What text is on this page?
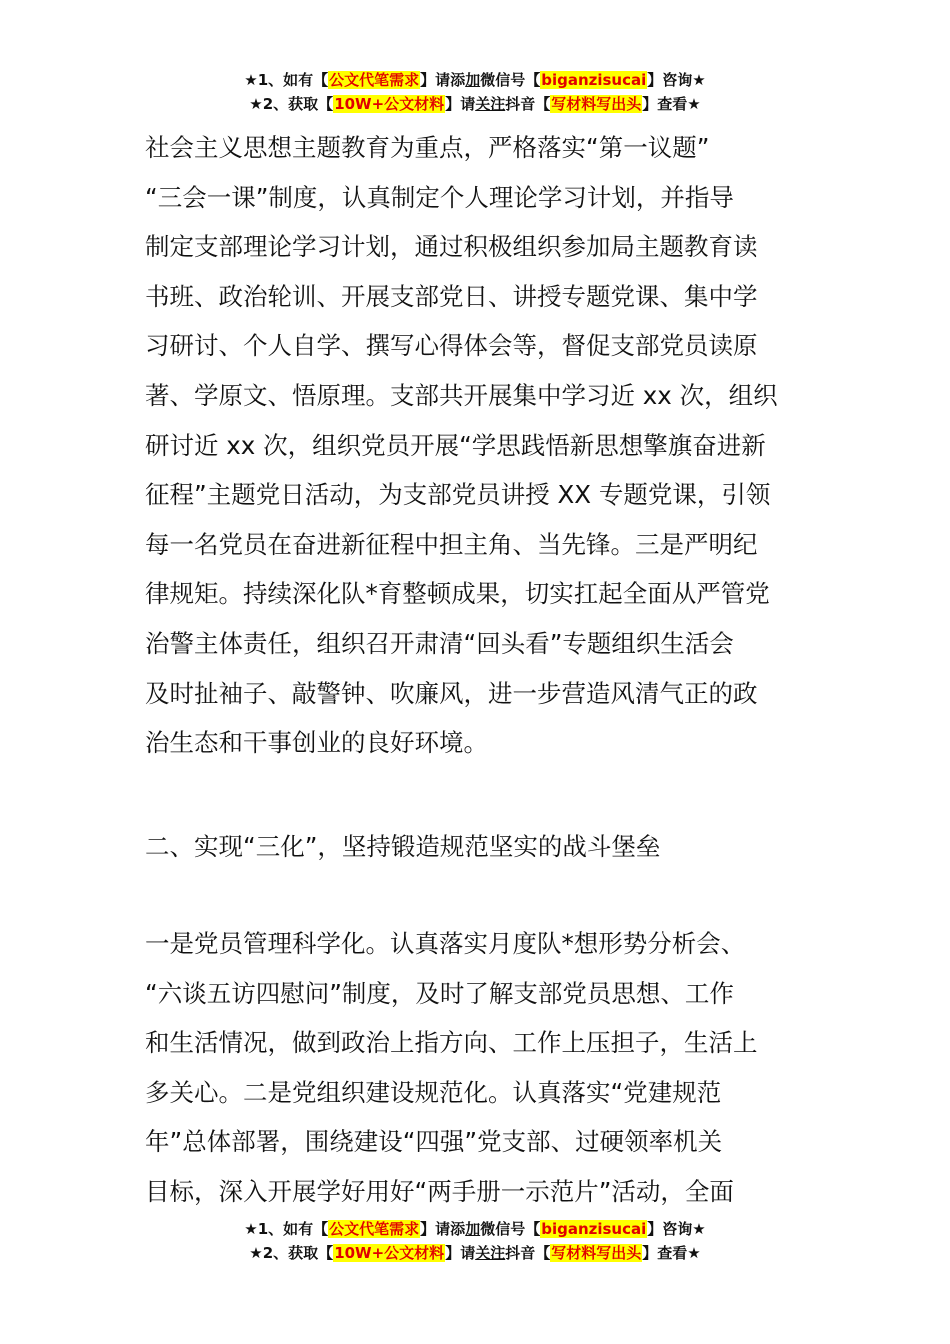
★1、如有【公文代笔需求】请添加微信号【biganzisucai】咨询★
★2、获取【10W+公文材料】请关注抖音【写材料写出头】查看★
社会主义思想主题教育为重点，严格落实“第一议题”
“三会一课”制度，认真制定个人理论学习计划，并指导
制定支部理论学习计划，通过积极组织参加局主题教育读
书班、政治轮训、开展支部党日、讲授专题党课、集中学
习研讨、个人自学、撰写心得体会等，督促支部党员读原
著、学原文、悟原理。支部共开展集中学习近 xx 次，组织
研讨近 xx 次，组织党员开展“学思践悟新思想擎旗奋进新
征程”主题党日活动，为支部党员讲授 XX 专题党课，引领
每一名党员在奋进新征程中担主角、当先锋。三是严明纪
律规矩。持续深化队*育整顿成果，切实扛起全面从严管党
治警主体责任，组织召开肃清“回头看”专题组织生活会
及时扯袖子、敲警钟、吹廉风，进一步营造风清气正的政
治生态和干事创业的良好环境。
二、实现“三化”，坚持锻造规范坚实的战斗堡垒
一是党员管理科学化。认真落实月度队*想形势分析会、
“六谈五访四慰问”制度，及时了解支部党员思想、工作
和生活情况，做到政治上指方向、工作上压担子，生活上
多关心。二是党组织建设规范化。认真落实“党建规范
年”总体部署，围绕建设“四强”党支部、过硬领率机关
目标，深入开展学好用好“两手册一示范片”活动，全面
★1、如有【公文代笔需求】请添加微信号【biganzisucai】咨询★
★2、获取【10W+公文材料】请关注抖音【写材料写出头】查看★
